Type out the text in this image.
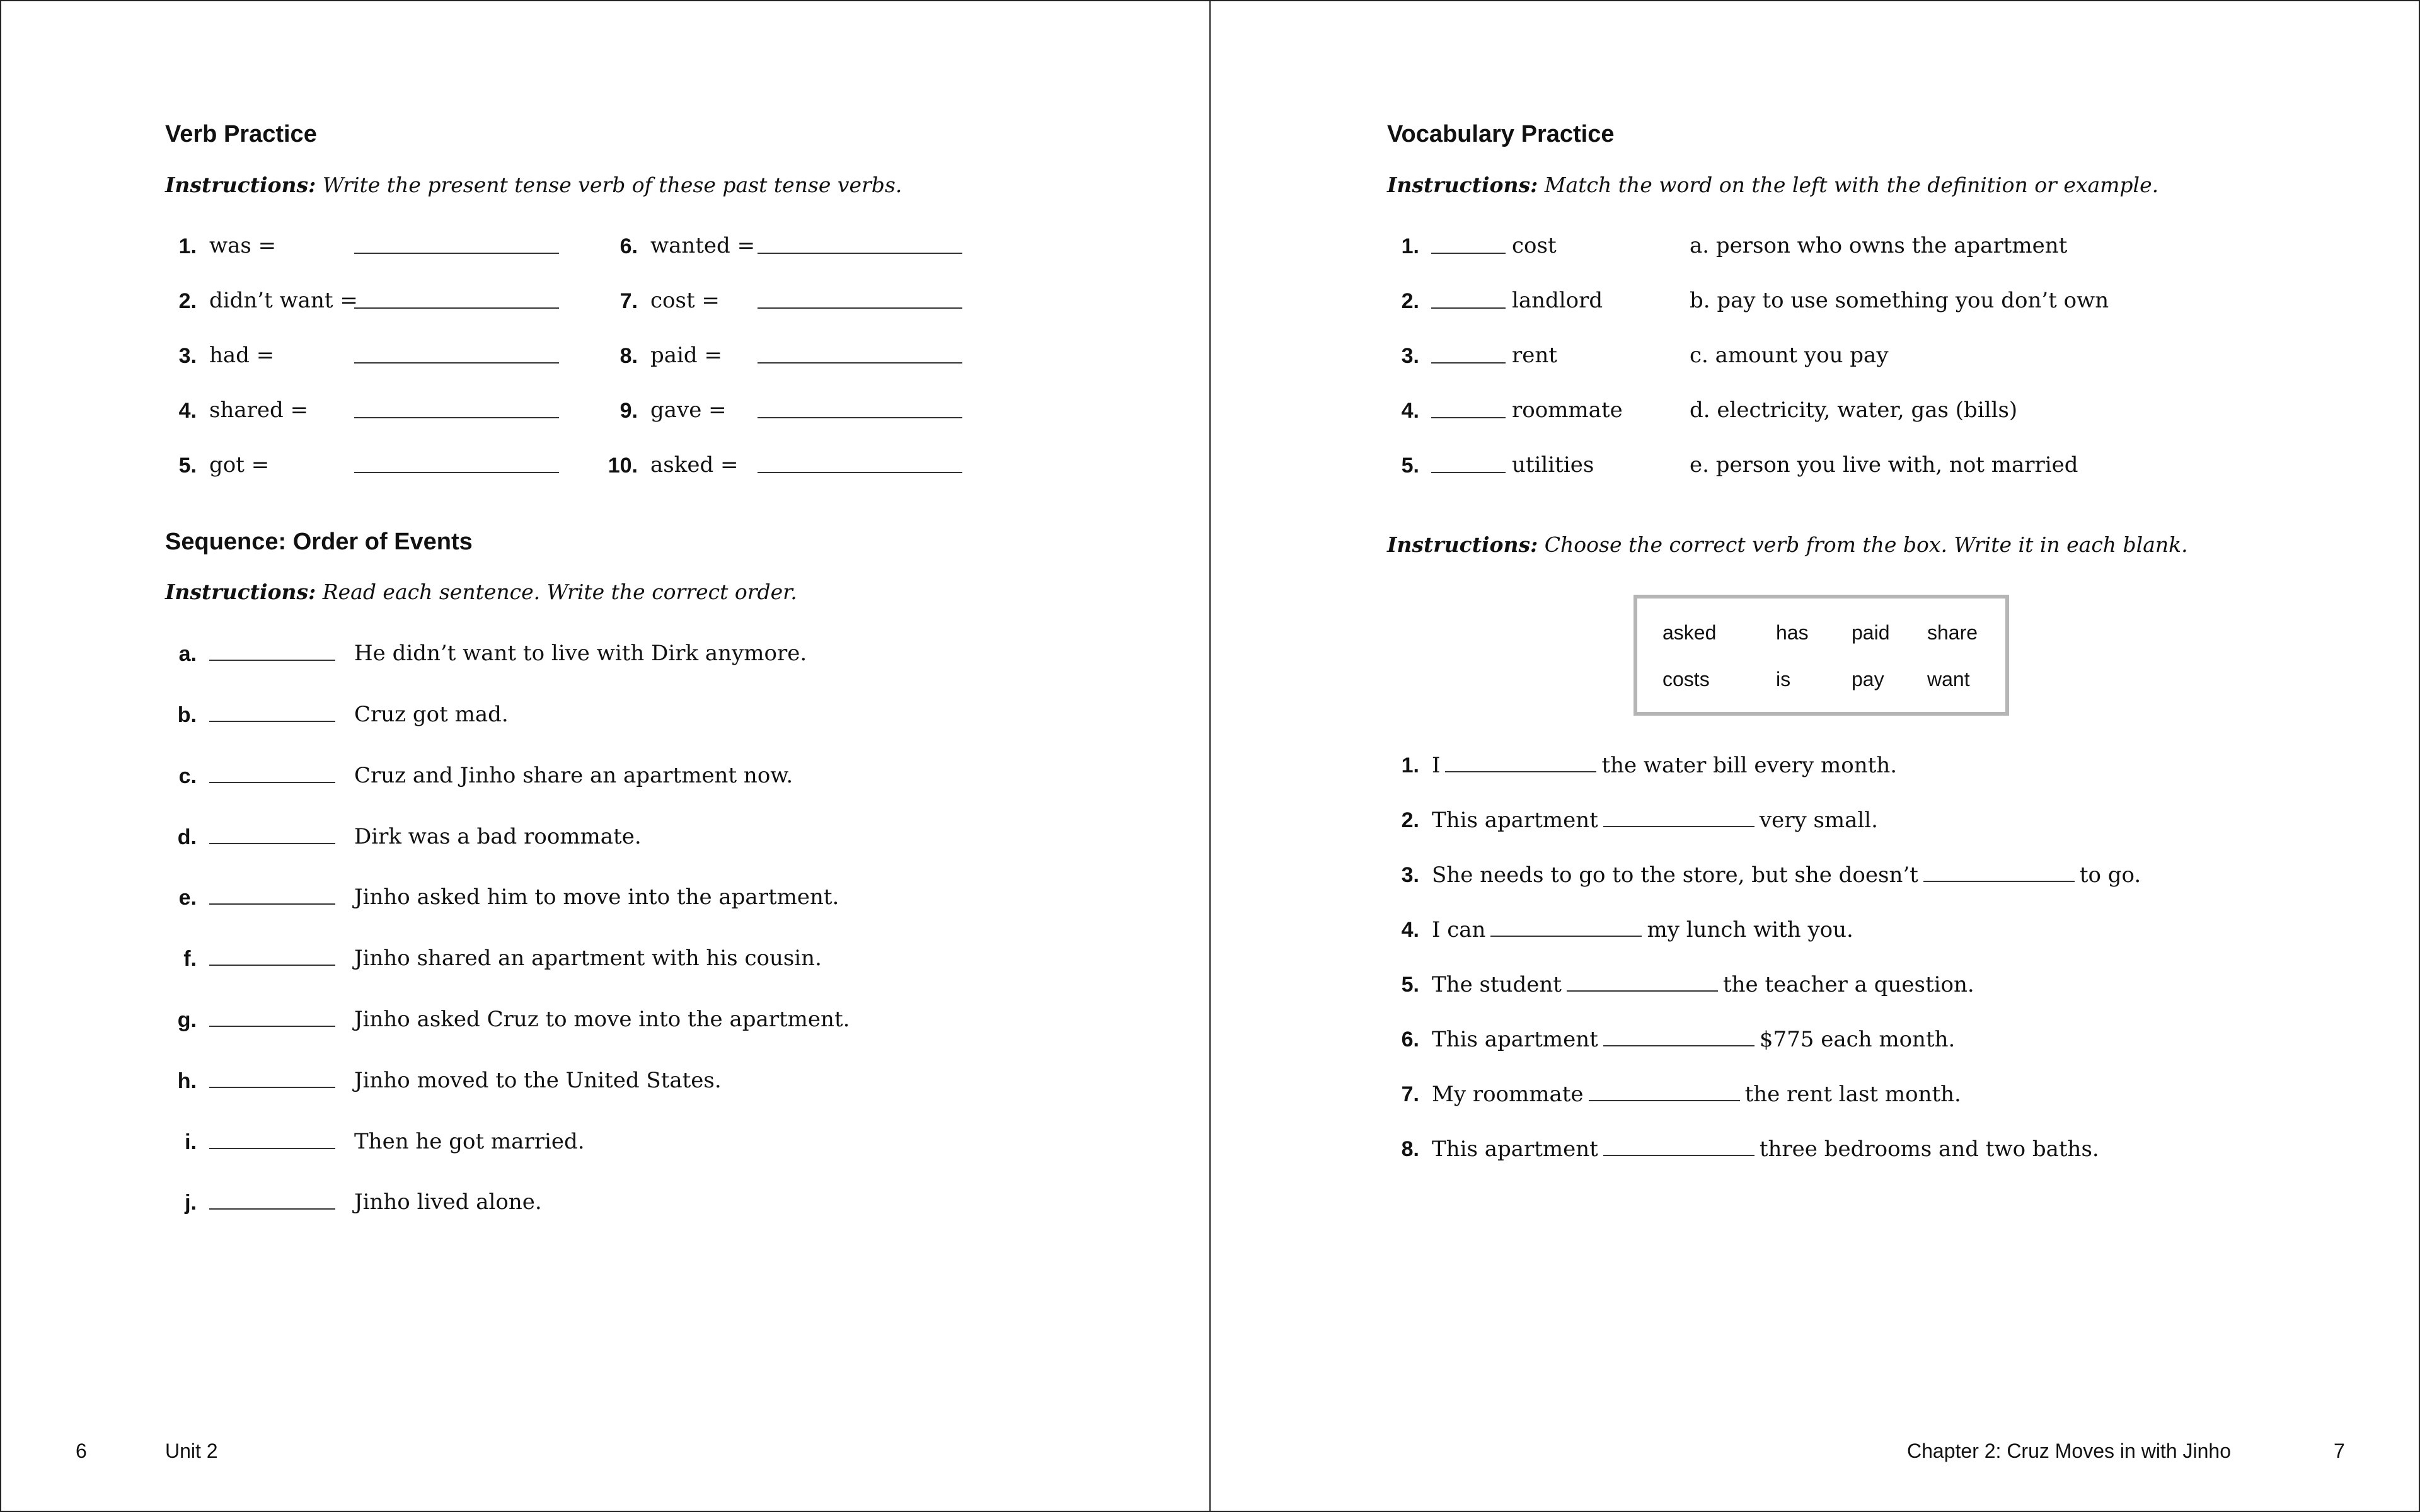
Verb Practice
Instructions: Write the present tense verb of these past tense verbs.
1. was =
2. didn’t want =
3. had =
4. shared =
5. got =
6. wanted =
7. cost =
8. paid =
9. gave =
10. asked =
Sequence: Order of Events
Instructions: Read each sentence. Write the correct order.
a.	He didn’t want to live with Dirk anymore.
b.	Cruz got mad.
c.	Cruz and Jinho share an apartment now.
d.	Dirk was a bad roommate.
e.	Jinho asked him to move into the apartment.
f.	Jinho shared an apartment with his cousin.
g.	Jinho asked Cruz to move into the apartment.
h.	Jinho moved to the United States.
i.	Then he got married.
j.	Jinho lived alone.
6	Unit 2
Vocabulary Practice
Instructions: Match the word on the left with the definition or example.
1.	cost	a. person who owns the apartment
2.	landlord	b. pay to use something you don’t own
3.	rent	c. amount you pay
4.	roommate	d. electricity, water, gas (bills)
5.	utilities	e. person you live with, not married
Instructions: Choose the correct verb from the box. Write it in each blank.
asked	has paid share
costs	is	pay want
1. I	the water bill every month.
2. This apartment	very small.
3. She needs to go to the store, but she doesn’t	to go.
4. I can	my lunch with you.
5. The student	the teacher a question.
6. This apartment	$775 each month.
7. My roommate	the rent last month.
8. This apartment	three bedrooms and two baths.
Chapter 2: Cruz Moves in with Jinho	7
